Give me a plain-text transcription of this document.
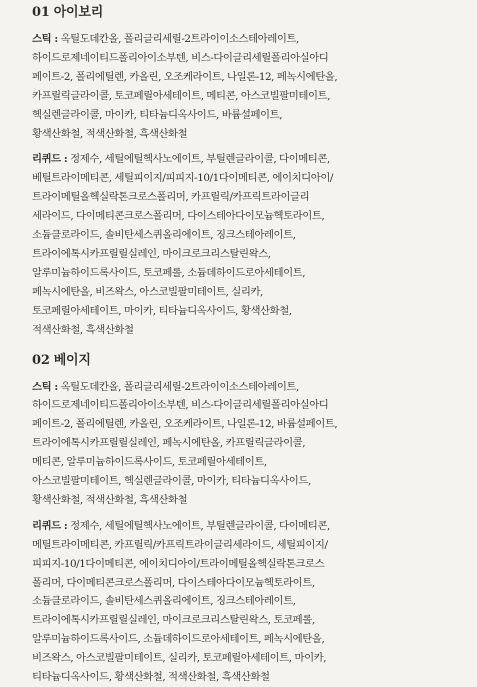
01 아이보리
스틱 : 옥틸도데칸올, 폴리글리세릴-2트라이이소스테아레이트,
하이드로제네이티드폴리아이소부텐, 비스-다이글리세릴폴리아실아디
페이트-2, 폴리에틸렌, 카올린, 오조케라이트, 나일론-12, 페녹시에탄올,
카프릴릭글라이콜, 토코페릴아세테이트, 메티콘, 아스코빌팔미테이트,
헥실렌글라이콜, 마이카, 티타늄디옥사이드, 바륨설페이트,
황색산화철, 적색산화철, 흑색산화철
리퀴드 : 정제수, 세틸에틸헥사노에이트, 부틸렌글라이콜, 다이메티콘,
베틸트라이메티콘, 세틸피이지/피피지-10/1다이메티콘, 에이치디아이/
트라이메틸올헥실락톤크로스폴리머, 카프릴릭/카프릭트라이글리
세라이드, 다이메티콘크로스폴리머, 다이스테아다이모늄헥토라이트,
소듐클로라이드, 솔비탄세스퀴올리에이트, 징크스테아레이트,
트라이에톡시카프릴릴실레인, 마이크로크리스탈린왁스,
알루미늄하이드록사이드, 토코페롤, 소듐데하이드로아세테이트,
페녹시에탄올, 비즈왁스, 아스코빌팔미테이트, 실리카,
토코페릴아세테이트, 마이카, 티타늄디옥사이드, 황색산화철,
적색산화철, 흑색산화철
02 베이지
스틱 : 옥틸도데칸올, 폴리글리세릴-2트라이이소스테아레이트,
하이드로제네이티드폴리아이소부텐, 비스-다이글리세릴폴리아실아디
페이트-2, 폴리에틸렌, 카올린, 오조케라이트, 나일론-12, 바륨설페이트,
트라이에톡시카프릴릴실레인, 페녹시에탄올, 카프릴릭글라이콜,
메티콘, 알루미늄하이드록사이드, 토코페릴아세테이트,
아스코빌팔미테이트, 헥실렌글라이콜, 마이카, 티타늄디옥사이드,
황색산화철, 적색산화철, 흑색산화철
리퀴드 : 정제수, 세틸에틸헥사노에이트, 부틸렌글라이콜, 다이메티콘,
메틸트라이메티콘, 카프릴릭/카프릭트라이글리세라이드, 세틸피이지/
피피지-10/1다이메티콘, 에이치디아이/트라이메틸올헥실락톤크로스
폴리머, 다이메티콘크로스폴리머, 다이스테아다이모늄헥토라이트,
소듐클로라이드, 솔비탄세스퀴올리에이트, 징크스테아레이트,
트라이에톡시카프릴릴실레인, 마이크로크리스탈린왁스, 토코페롤,
알루미늄하이드록사이드, 소듐데하이드로아세테이트, 페녹시에탄올,
비즈왁스, 아스코빌팔미테이트, 실리카, 토코페릴아세테이트, 마이카,
티타늄디옥사이드, 황색산화철, 적색산화철, 흑색산화철
